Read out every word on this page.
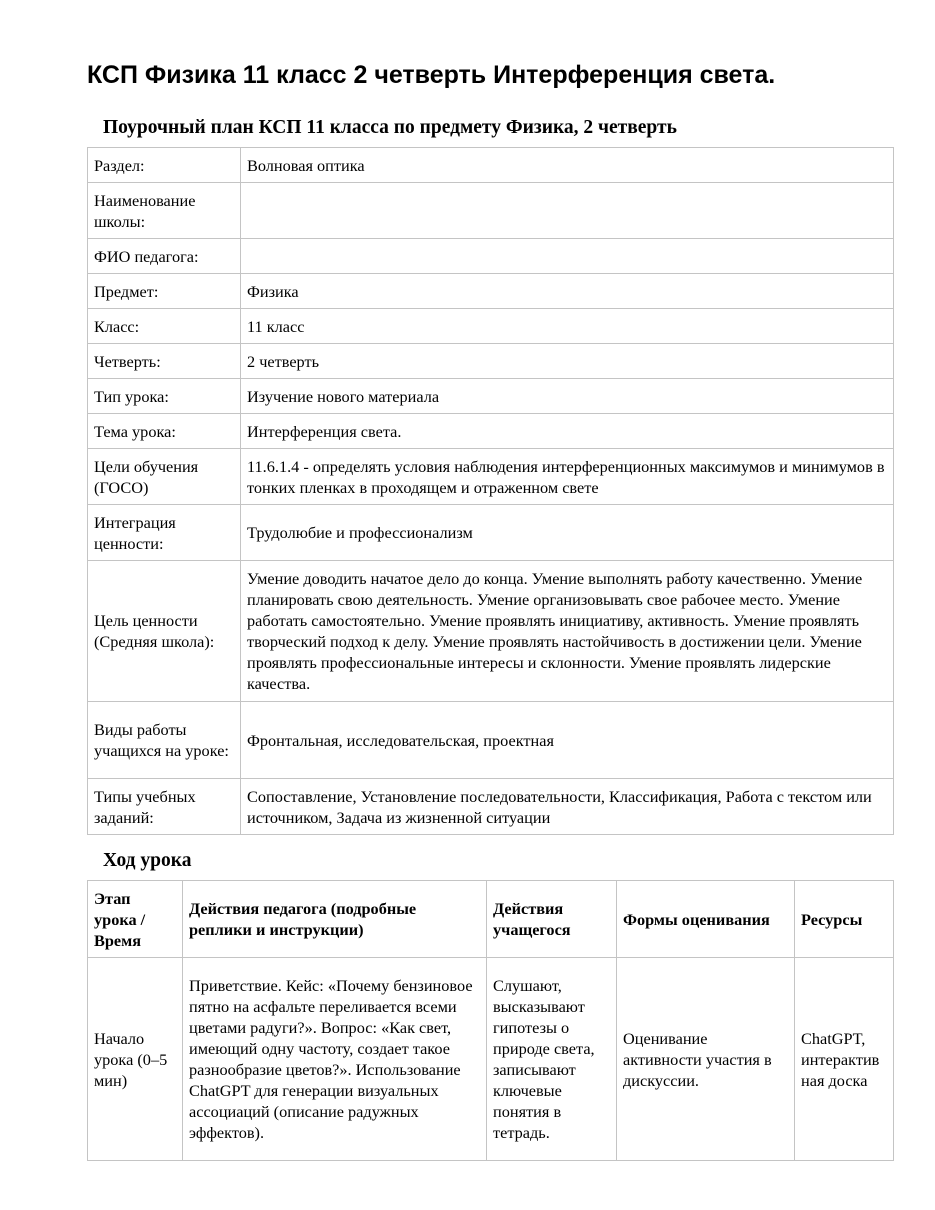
КСП Физика 11 класс 2 четверть Интерференция света.
Поурочный план КСП 11 класса по предмету Физика, 2 четверть
Раздел:	Волновая оптика
Наименование школы:	
ФИО педагога:	
Предмет:	Физика
Класс:	11 класс
Четверть:	2 четверть
Тип урока:	Изучение нового материала
Тема урока:	Интерференция света.
Цели обучения (ГОСО)	11.6.1.4 - определять условия наблюдения интерференционных максимумов и минимумов в тонких пленках в проходящем и отраженном свете
Интеграция ценности:	Трудолюбие и профессионализм
Цель ценности (Средняя школа):	Умение доводить начатое дело до конца. Умение выполнять работу качественно. Умение планировать свою деятельность. Умение организовывать свое рабочее место. Умение работать самостоятельно. Умение проявлять инициативу, активность. Умение проявлять творческий подход к делу. Умение проявлять настойчивость в достижении цели. Умение проявлять профессиональные интересы и склонности. Умение проявлять лидерские качества.
Виды работы учащихся на уроке:	Фронтальная, исследовательская, проектная
Типы учебных заданий:	Сопоставление, Установление последовательности, Классификация, Работа с текстом или источником, Задача из жизненной ситуации
Ход урока
Этап урока / Время	Действия педагога (подробные реплики и инструкции)	Действия учащегося	Формы оценивания	Ресурсы
Начало урока (0–5 мин)	Приветствие. Кейс: «Почему бензиновое пятно на асфальте переливается всеми цветами радуги?». Вопрос: «Как свет, имеющий одну частоту, создает такое разнообразие цветов?». Использование ChatGPT для генерации визуальных ассоциаций (описание радужных эффектов).	Слушают, высказывают гипотезы о природе света, записывают ключевые понятия в тетрадь.	Оценивание активности участия в дискуссии.	ChatGPT, интерактивная доска
